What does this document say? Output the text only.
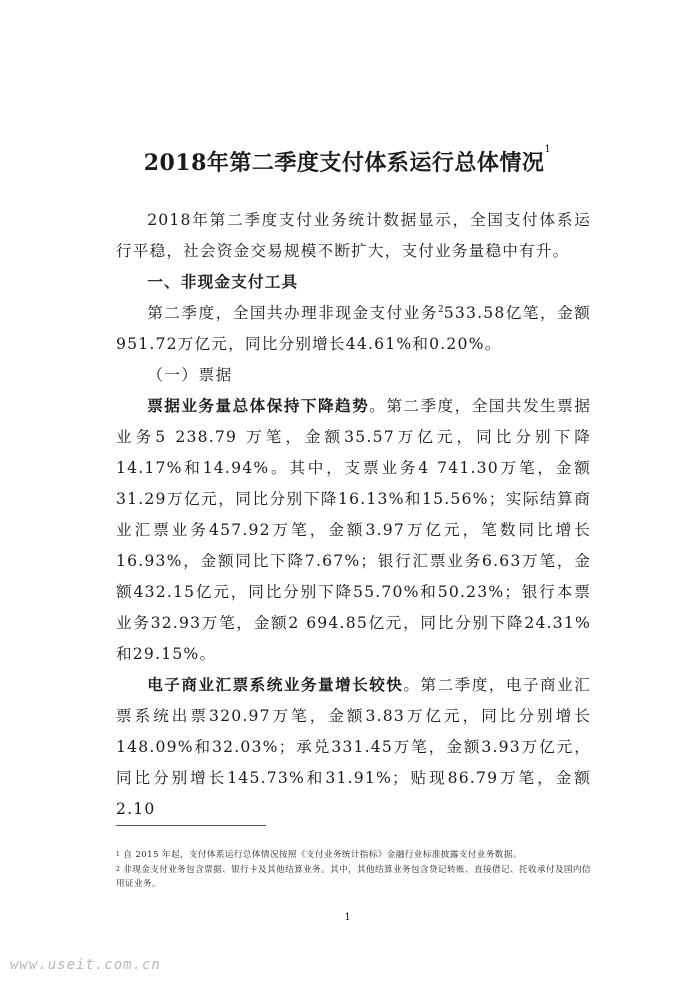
2018年第二季度支付体系运行总体情况$^1$

2018年第二季度支付业务统计数据显示，全国支付体系运行平稳，社会资金交易规模不断扩大，支付业务量稳中有升。

一、非现金支付工具

第二季度，全国共办理非现金支付业务$^2$533.58亿笔，金额951.72万亿元，同比分别增长44.61%和0.20%。

（一）票据

票据业务量总体保持下降趋势。第二季度，全国共发生票据业务5 238.79 万笔，金额35.57万亿元，同比分别下降14.17%和14.94%。其中，支票业务4 741.30万笔，金额31.29万亿元，同比分别下降16.13%和15.56%；实际结算商业汇票业务457.92万笔，金额3.97万亿元，笔数同比增长16.93%，金额同比下降7.67%；银行汇票业务6.63万笔，金额432.15亿元，同比分别下降55.70%和50.23%；银行本票业务32.93万笔，金额2 694.85亿元，同比分别下降24.31%和29.15%。

电子商业汇票系统业务量增长较快。第二季度，电子商业汇票系统出票320.97万笔，金额3.83万亿元，同比分别增长148.09%和32.03%；承兑331.45万笔，金额3.93万亿元，同比分别增长145.73%和31.91%；贴现86.79万笔，金额2.10

$^1$ 自 2015 年起，支付体系运行总体情况按照《支付业务统计指标》金融行业标准披露支付业务数据。
$^2$ 非现金支付业务包含票据、银行卡及其他结算业务。其中，其他结算业务包含贷记转账、直接借记、托收承付及国内信用证业务。
1
www.useit.com.cn
